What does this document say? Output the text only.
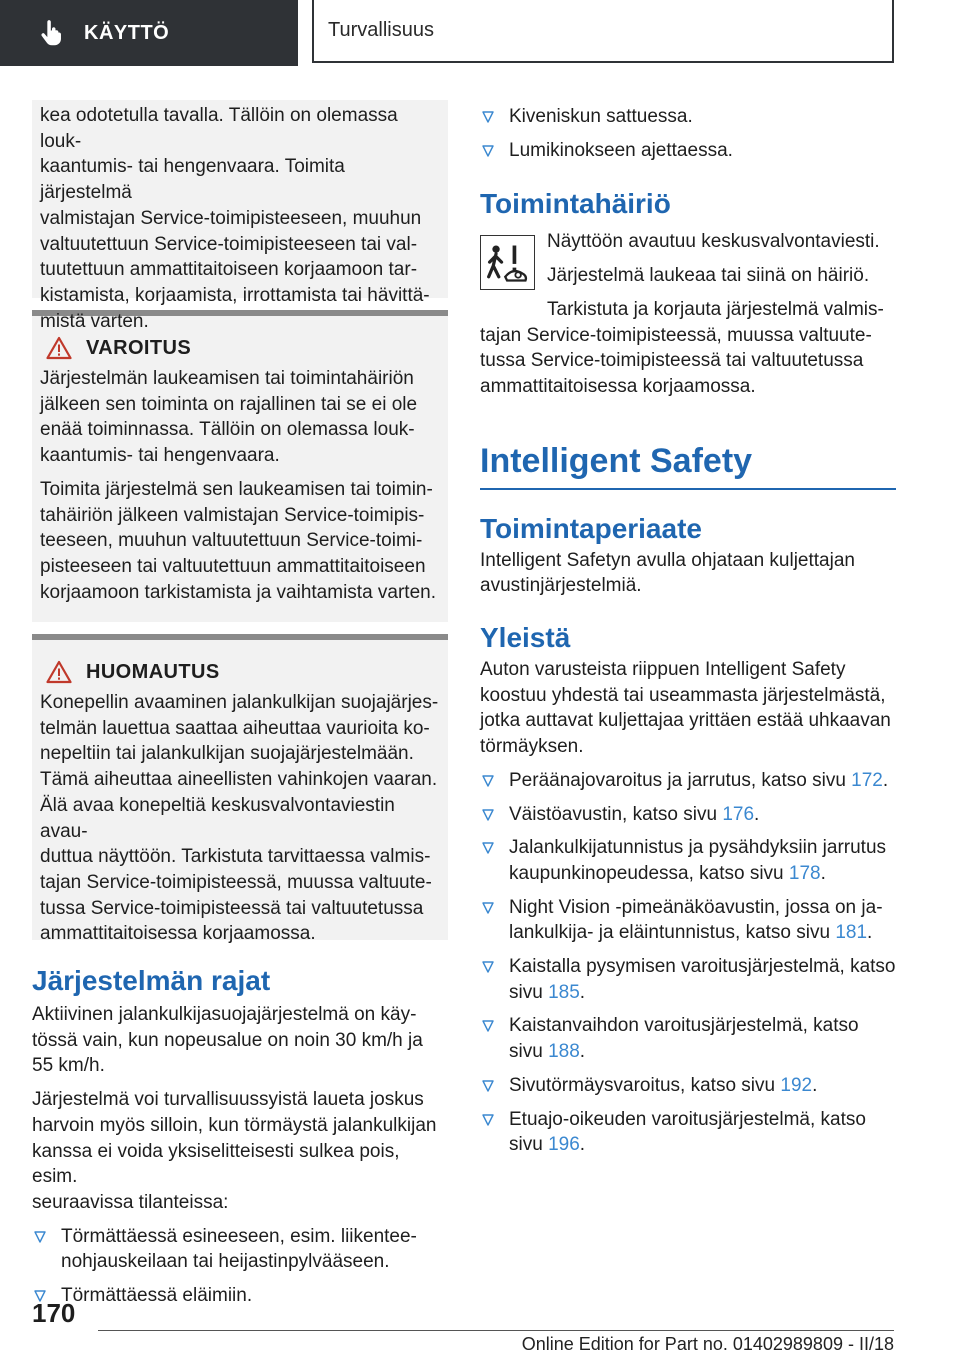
KÄYTTÖ	Turvallisuus

kea odotetulla tavalla. Tällöin on olemassa louk-
kaantumis- tai hengenvaara. Toimita järjestelmä
valmistajan Service-toimipisteeseen, muuhun
valtuutettuun Service-toimipisteeseen tai val-
tuutettuun ammattitaitoiseen korjaamoon tar-
kistamista, korjaamista, irrottamista tai hävittä-
mistä varten.

VAROITUS

Järjestelmän laukeamisen tai toimintahäiriön
jälkeen sen toiminta on rajallinen tai se ei ole
enää toiminnassa. Tällöin on olemassa louk-
kaantumis- tai hengenvaara.

Toimita järjestelmä sen laukeamisen tai toimin-
tahäiriön jälkeen valmistajan Service-toimipis-
teeseen, muuhun valtuutettuun Service-toimi-
pisteeseen tai valtuutettuun ammattitaitoiseen
korjaamoon tarkistamista ja vaihtamista varten.

HUOMAUTUS

Konepellin avaaminen jalankulkijan suojajärjes-
telmän lauettua saattaa aiheuttaa vaurioita ko-
nepeltiin tai jalankulkijan suojajärjestelmään.
Tämä aiheuttaa aineellisten vahinkojen vaaran.
Älä avaa konepeltiä keskusvalvontaviestin avau-
duttua näyttöön. Tarkistuta tarvittaessa valmis-
tajan Service-toimipisteessä, muussa valtuute-
tussa Service-toimipisteessä tai valtuutetussa
ammattitaitoisessa korjaamossa.

Järjestelmän rajat

Aktiivinen jalankulkijasuojajärjestelmä on käy-
tössä vain, kun nopeusalue on noin 30 km/h ja
55 km/h.

Järjestelmä voi turvallisuussyistä laueta joskus
harvoin myös silloin, kun törmäystä jalankulkijan
kanssa ei voida yksiselitteisesti sulkea pois, esim.
seuraavissa tilanteissa:

Törmättäessä esineeseen, esim. liikentee-
nohjauskeilaan tai heijastinpylvääseen.
Törmättäessä eläimiin.
Kiveniskun sattuessa.
Lumikinokseen ajettaessa.
Toimintahäiriö

Näyttöön avautuu keskusvalvontaviesti.

Järjestelmä laukeaa tai siinä on häiriö.

Tarkistuta ja korjauta järjestelmä valmis-
tajan Service-toimipisteessä, muussa valtuute-
tussa Service-toimipisteessä tai valtuutetussa
ammattitaitoisessa korjaamossa.

Intelligent Safety
Toimintaperiaate

Intelligent Safetyn avulla ohjataan kuljettajan
avustinjärjestelmiä.

Yleistä

Auton varusteista riippuen Intelligent Safety
koostuu yhdestä tai useammasta järjestelmästä,
jotka auttavat kuljettajaa yrittäen estää uhkaavan
törmäyksen.

Peräänajovaroitus ja jarrutus, katso sivu 172.
Väistöavustin, katso sivu 176.
Jalankulkijatunnistus ja pysähdyksiin jarrutus
kaupunkinopeudessa, katso sivu 178.
Night Vision -pimeänäköavustin, jossa on ja-
lankulkija- ja eläintunnistus, katso sivu 181.
Kaistalla pysymisen varoitusjärjestelmä, katso
sivu 185.
Kaistanvaihdon varoitusjärjestelmä, katso
sivu 188.
Sivutörmäysvaroitus, katso sivu 192.
Etuajo-oikeuden varoitusjärjestelmä, katso
sivu 196.
170
Online Edition for Part no. 01402989809 - II/18
